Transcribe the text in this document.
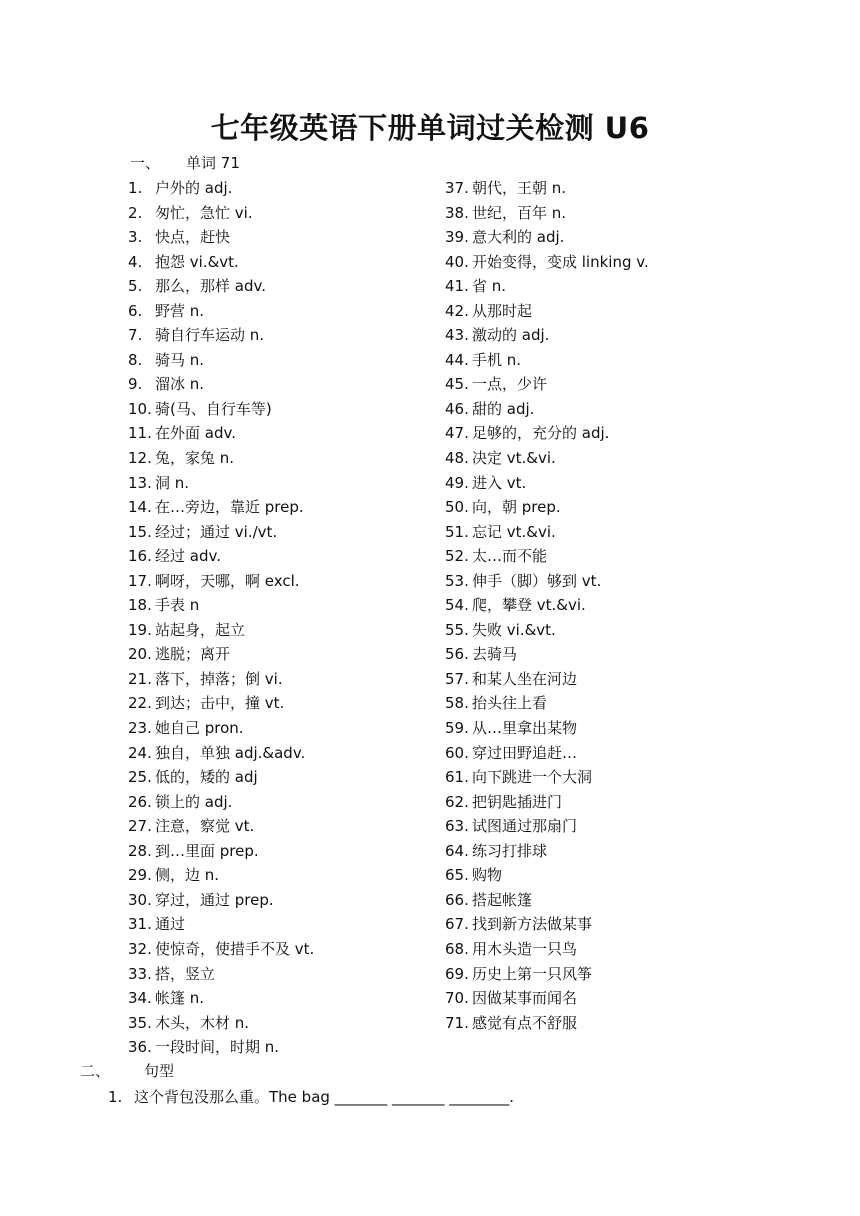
七年级英语下册单词过关检测 U6
一、 单词 71
1. 户外的 adj.
2. 匆忙，急忙 vi.
3. 快点，赶快
4. 抱怨 vi.&vt.
5. 那么，那样 adv.
6. 野营 n.
7. 骑自行车运动 n.
8. 骑马 n.
9. 溜冰 n.
10. 骑(马、自行车等)
11. 在外面 adv.
12. 兔，家兔 n.
13. 洞 n.
14. 在…旁边，靠近 prep.
15. 经过；通过 vi./vt.
16. 经过 adv.
17. 啊呀，天哪，啊 excl.
18. 手表 n
19. 站起身，起立
20. 逃脱；离开
21. 落下，掉落；倒 vi.
22. 到达；击中，撞 vt.
23. 她自己 pron.
24. 独自，单独 adj.&adv.
25. 低的，矮的 adj
26. 锁上的 adj.
27. 注意，察觉 vt.
28. 到…里面 prep.
29. 侧，边 n.
30. 穿过，通过 prep.
31. 通过
32. 使惊奇，使措手不及 vt.
33. 搭，竖立
34. 帐篷 n.
35. 木头，木材 n.
36. 一段时间，时期 n.
37. 朝代，王朝 n.
38. 世纪，百年 n.
39. 意大利的 adj.
40. 开始变得，变成 linking v.
41. 省 n.
42. 从那时起
43. 激动的 adj.
44. 手机 n.
45. 一点，少许
46. 甜的 adj.
47. 足够的，充分的 adj.
48. 决定 vt.&vi.
49. 进入 vt.
50. 向，朝 prep.
51. 忘记 vt.&vi.
52. 太…而不能
53. 伸手（脚）够到 vt.
54. 爬，攀登 vt.&vi.
55. 失败 vi.&vt.
56. 去骑马
57. 和某人坐在河边
58. 抬头往上看
59. 从…里拿出某物
60. 穿过田野追赶…
61. 向下跳进一个大洞
62. 把钥匙插进门
63. 试图通过那扇门
64. 练习打排球
65. 购物
66. 搭起帐篷
67. 找到新方法做某事
68. 用木头造一只鸟
69. 历史上第一只风筝
70. 因做某事而闻名
71. 感觉有点不舒服
二、 句型
1. 这个背包没那么重。The bag _______ _______ ________.
